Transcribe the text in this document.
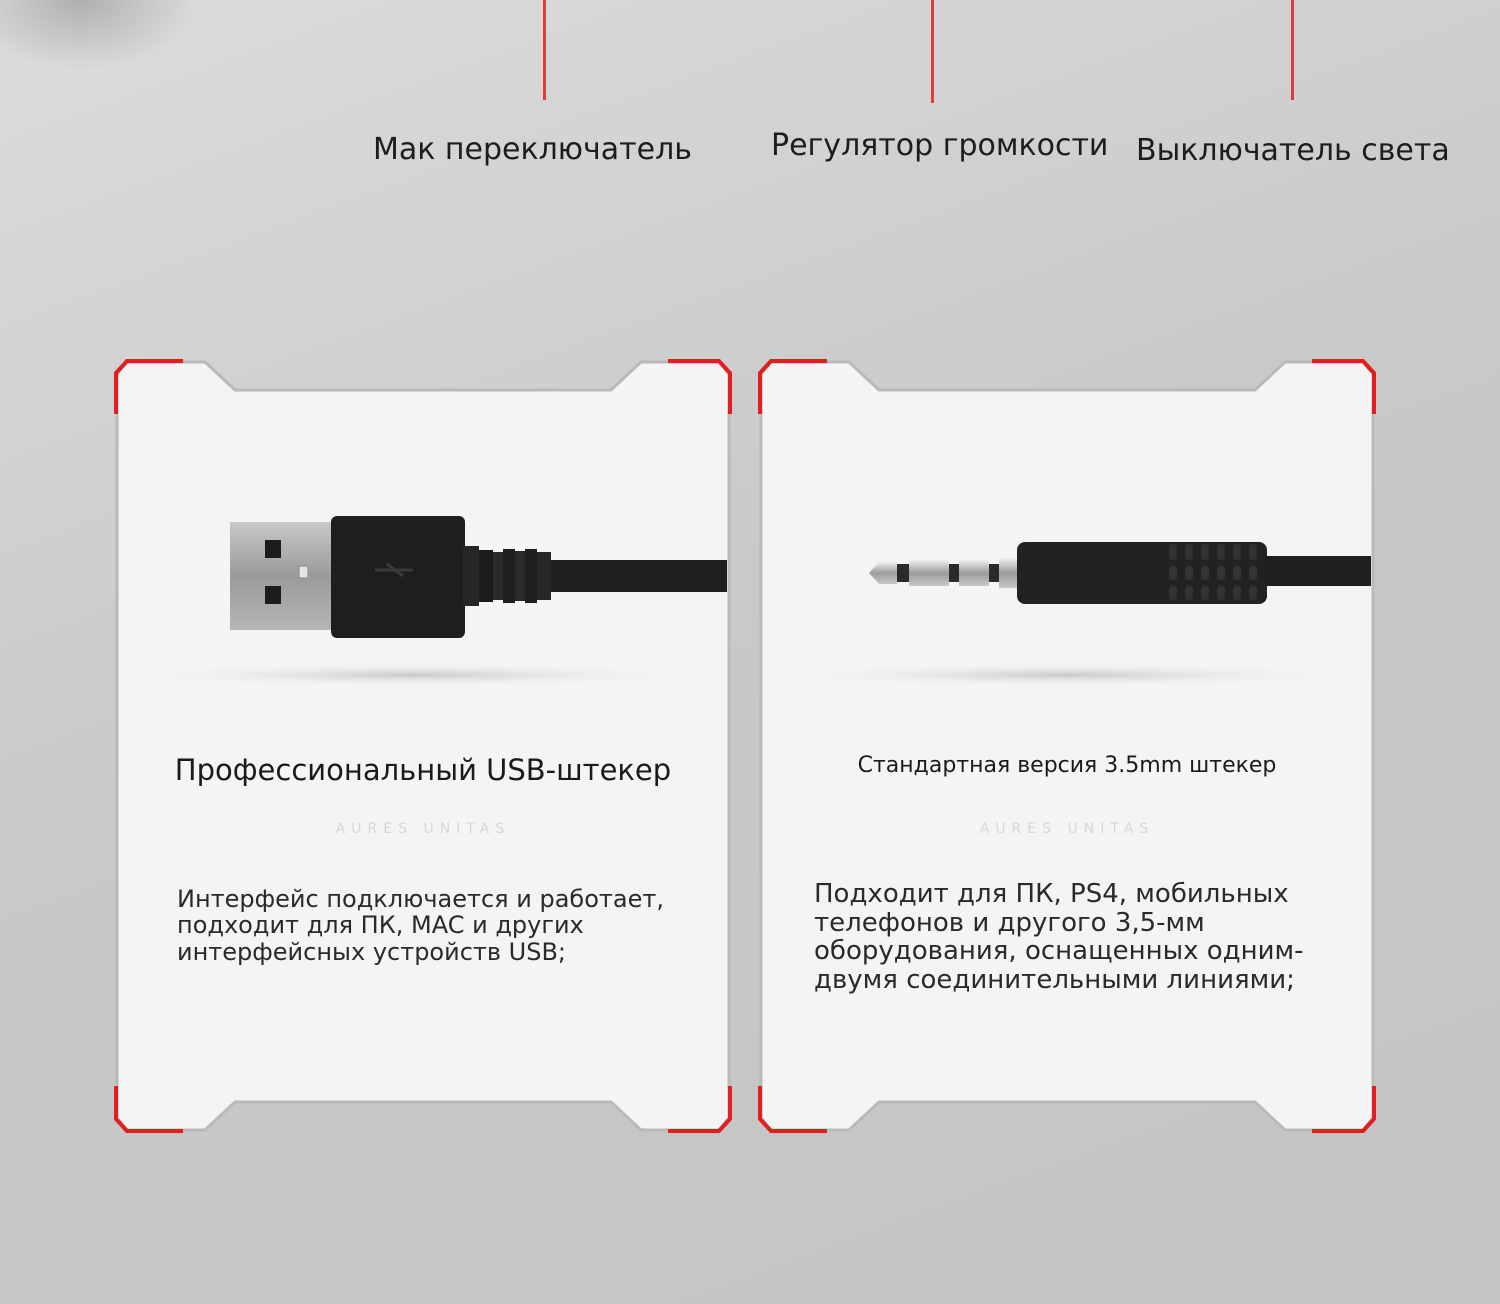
Мак переключатель	Регулятор громкости Выключатель света
Профессиональный USB-штекер
AURES UNITAS
Интерфейс подключается и работает, подходит для ПК, MAC и других интерфейсных устройств USB;
Стандартная версия 3.5mm штекер
AURES UNITAS
Подходит для ПК, PS4, мобильных телефонов и другого 3,5-мм оборудования, оснащенных одним-двумя соединительными линиями;
